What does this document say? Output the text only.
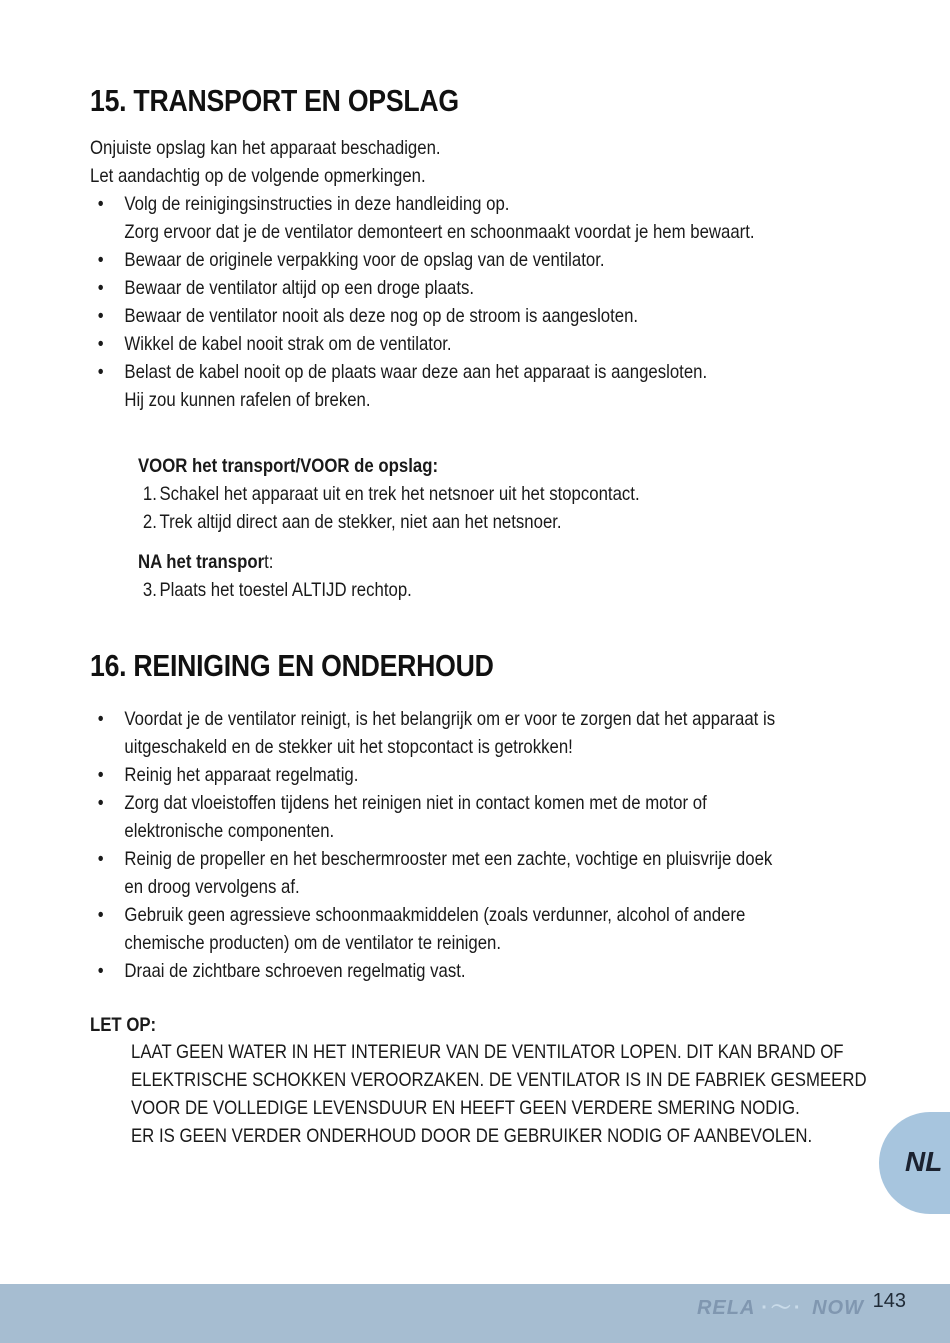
15. TRANSPORT EN OPSLAG
Onjuiste opslag kan het apparaat beschadigen.
Let aandachtig op de volgende opmerkingen.
• Volg de reinigingsinstructies in deze handleiding op.
Zorg ervoor dat je de ventilator demonteert en schoonmaakt voordat je hem bewaart.
• Bewaar de originele verpakking voor de opslag van de ventilator.
• Bewaar de ventilator altijd op een droge plaats.
• Bewaar de ventilator nooit als deze nog op de stroom is aangesloten.
• Wikkel de kabel nooit strak om de ventilator.
• Belast de kabel nooit op de plaats waar deze aan het apparaat is aangesloten.
Hij zou kunnen rafelen of breken.
VOOR het transport/VOOR de opslag:
1. Schakel het apparaat uit en trek het netsnoer uit het stopcontact.
2. Trek altijd direct aan de stekker, niet aan het netsnoer.
NA het transport:
3. Plaats het toestel ALTIJD rechtop.
16. REINIGING EN ONDERHOUD
• Voordat je de ventilator reinigt, is het belangrijk om er voor te zorgen dat het apparaat is
uitgeschakeld en de stekker uit het stopcontact is getrokken!
• Reinig het apparaat regelmatig.
• Zorg dat vloeistoffen tijdens het reinigen niet in contact komen met de motor of
elektronische componenten.
• Reinig de propeller en het beschermrooster met een zachte, vochtige en pluisvrije doek
en droog vervolgens af.
• Gebruik geen agressieve schoonmaakmiddelen (zoals verdunner, alcohol of andere
chemische producten) om de ventilator te reinigen.
• Draai de zichtbare schroeven regelmatig vast.
LET OP:
LAAT GEEN WATER IN HET INTERIEUR VAN DE VENTILATOR LOPEN. DIT KAN BRAND OF
ELEKTRISCHE SCHOKKEN VEROORZAKEN. DE VENTILATOR IS IN DE FABRIEK GESMEERD
VOOR DE VOLLEDIGE LEVENSDUUR EN HEEFT GEEN VERDERE SMERING NODIG.
ER IS GEEN VERDER ONDERHOUD DOOR DE GEBRUIKER NODIG OF AANBEVOLEN.
NL
RELA ·〜· NOW 143
